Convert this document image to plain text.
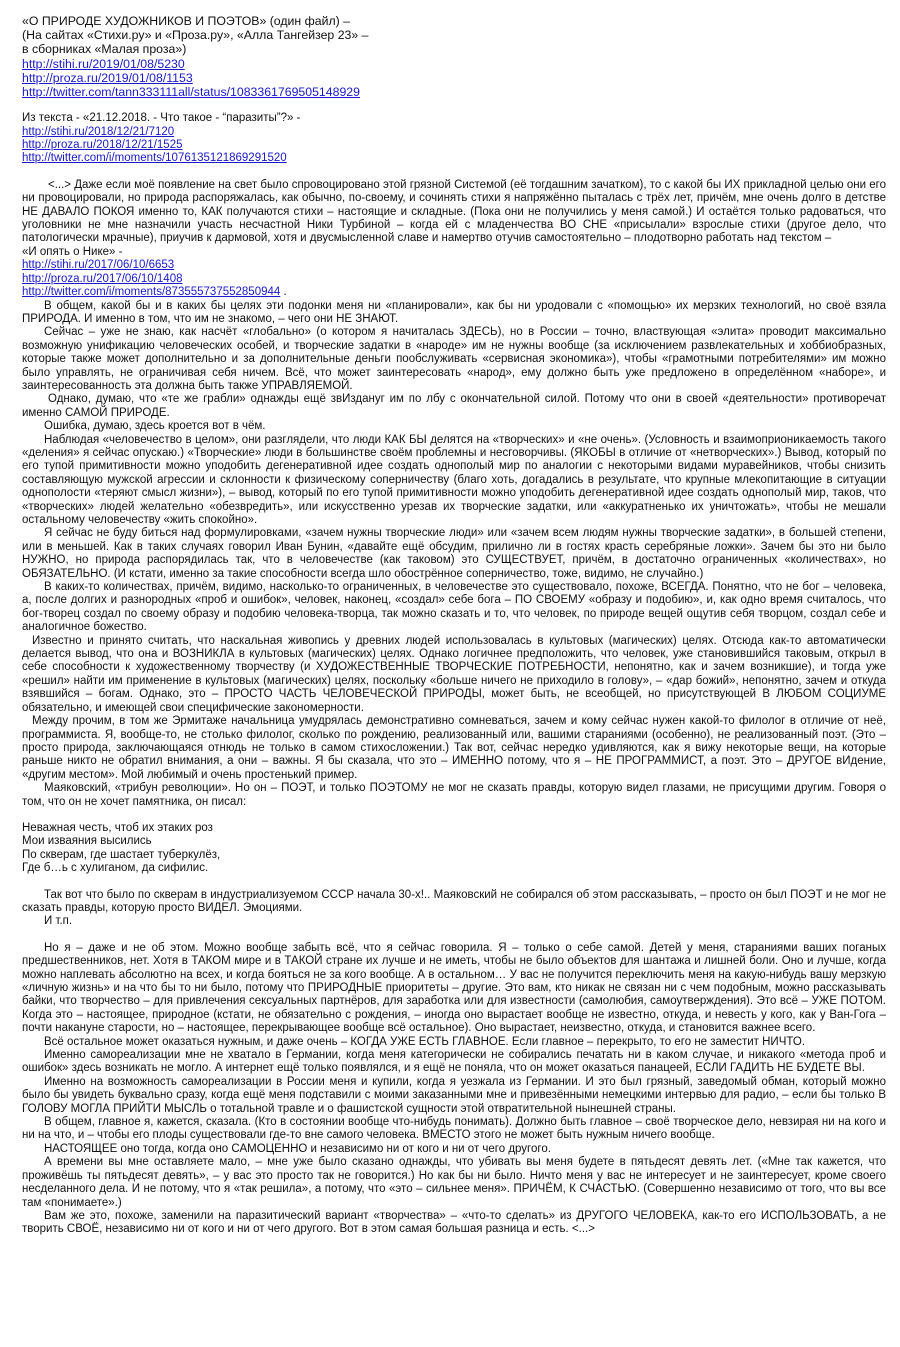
«О ПРИРОДЕ ХУДОЖНИКОВ И ПОЭТОВ» (один файл) –
(На сайтах «Стихи.ру» и «Проза.ру», «Алла Тангейзер 23» –
в сборниках «Малая проза»)
http://stihi.ru/2019/01/08/5230
http://proza.ru/2019/01/08/1153
http://twitter.com/tann333111all/status/1083361769505148929
Из текста - «21.12.2018. - Что такое - “паразиты”?» -
http://stihi.ru/2018/12/21/7120
http://proza.ru/2018/12/21/1525
http://twitter.com/i/moments/1076135121869291520

<...> Даже если моё появление на свет было спровоцировано этой грязной Системой (её тогдашним зачатком), то с какой бы ИХ прикладной целью они его ни провоцировали, но природа распоряжалась, как обычно, по-своему, и сочинять стихи я напряжённо пыталась с трёх лет, причём, мне очень долго в детстве НЕ ДАВАЛО ПОКОЯ именно то, КАК получаются стихи – настоящие и складные. (Пока они не получились у меня самой.) И остаётся только радоваться, что уголовники не мне назначили участь несчастной Ники Турбиной – когда ей с младенчества ВО СНЕ «присылали» взрослые стихи (другое дело, что патологически мрачные), приучив к дармовой, хотя и двусмысленной славе и намертво отучив самостоятельно – плодотворно работать над текстом –

«И опять о Нике» -
http://stihi.ru/2017/06/10/6653
http://proza.ru/2017/06/10/1408
http://twitter.com/i/moments/873555737552850944 .

В общем, какой бы и в каких бы целях эти подонки меня ни «планировали», как бы ни уродовали с «помощью» их мерзких технологий, но своё взяла ПРИРОДА. И именно в том, что им не знакомо, – чего они НЕ ЗНАЮТ.

Сейчас – уже не знаю, как насчёт «глобально» (о котором я начиталась ЗДЕСЬ), но в России – точно, властвующая «элита» проводит максимально возможную унификацию человеческих особей, и творческие задатки в «народе» им не нужны вообще (за исключением развлекательных и хоббиобразных, которые также может дополнительно и за дополнительные деньги пообслуживать «сервисная экономика»), чтобы «грамотными потребителями» им можно было управлять, не ограничивая себя ничем. Всё, что может заинтересовать «народ», ему должно быть уже предложено в определённом «наборе», и заинтересованность эта должна быть также УПРАВЛЯЕМОЙ.

Однако, думаю, что «те же грабли» однажды ещё звИздануг им по лбу с окончательной силой. Потому что они в своей «деятельности» противоречат именно САМОЙ ПРИРОДЕ.

Ошибка, думаю, здесь кроется вот в чём.

Наблюдая «человечество в целом», они разглядели, что люди КАК БЫ делятся на «творческих» и «не очень». (Условность и взаимоприоникаемость такого «деления» я сейчас опускаю.) «Творческие» люди в большинстве своём проблемны и несговорчивы. (ЯКОБЫ в отличие от «нетворческих».) Вывод, который по его тупой примитивности можно уподобить дегенеративной идее создать однополый мир по аналогии с некоторыми видами муравейников, чтобы снизить составляющую мужской агрессии и склонности к физическому соперничеству (благо хоть, догадались в результате, что крупные млекопитающие в ситуации однополости «теряют смысл жизни»), – вывод, который по его тупой примитивности можно уподобить дегенеративной идее создать однополый мир, таков, что «творческих» людей желательно «обезвредить», или искусственно урезав их творческие задатки, или «аккуратненько их уничтожать», чтобы не мешали остальному человечеству «жить спокойно».

Я сейчас не буду биться над формулировками, «зачем нужны творческие люди» или «зачем всем людям нужны творческие задатки», в большей степени, или в меньшей. Как в таких случаях говорил Иван Бунин, «давайте ещё обсудим, прилично ли в гостях красть серебряные ложки». Зачем бы это ни было НУЖНО, но природа распорядилась так, что в человечестве (как таковом) это СУЩЕСТВУЕТ, причём, в достаточно ограниченных «количествах», но ОБЯЗАТЕЛЬНО. (И кстати, именно за такие способности всегда шло обострённое соперничество, тоже, видимо, не случайно.)

В каких-то количествах, причём, видимо, насколько-то ограниченных, в человечестве это существовало, похоже, ВСЕГДА. Понятно, что не бог – человека, а, после долгих и разнородных «проб и ошибок», человек, наконец, «создал» себе бога – ПО СВОЕМУ «образу и подобию», и, как одно время считалось, что бог-творец создал по своему образу и подобию человека-творца, так можно сказать и то, что человек, по природе вещей ощутив себя творцом, создал себе и аналогичное божество.

Известно и принято считать, что наскальная живопись у древних людей использовалась в культовых (магических) целях. Отсюда как-то автоматически делается вывод, что она и ВОЗНИКЛА в культовых (магических) целях. Однако логичнее предположить, что человек, уже становившийся таковым, открыл в себе способности к художественному творчеству (и ХУДОЖЕСТВЕННЫЕ ТВОРЧЕСКИЕ ПОТРЕБНОСТИ, непонятно, как и зачем возникшие), и тогда уже «решил» найти им применение в культовых (магических) целях, поскольку «больше ничего не приходило в голову», – «дар божий», непонятно, зачем и откуда взявшийся – богам. Однако, это – ПРОСТО ЧАСТЬ ЧЕЛОВЕЧЕСКОЙ ПРИРОДЫ, может быть, не всеобщей, но присутствующей В ЛЮБОМ СОЦИУМЕ обязательно, и имеющей свои специфические закономерности.

Между прочим, в том же Эрмитаже начальница умудрялась демонстративно сомневаться, зачем и кому сейчас нужен какой-то филолог в отличие от неё, программиста. Я, вообще-то, не столько филолог, сколько по рождению, реализованный или, вашими стараниями (особенно), не реализованный поэт. (Это – просто природа, заключающаяся отнюдь не только в самом стихосложении.) Так вот, сейчас нередко удивляются, как я вижу некоторые вещи, на которые раньше никто не обратил внимания, а они – важны. Я бы сказала, что это – ИМЕННО потому, что я – НЕ ПРОГРАММИСТ, а поэт. Это – ДРУГОЕ вИдение, «другим местом». Мой любимый и очень простенький пример.

Маяковский, «трибун революции». Но он – ПОЭТ, и только ПОЭТОМУ не мог не сказать правды, которую видел глазами, не присущими другим. Говоря о том, что он не хочет памятника, он писал:

Неважная честь, чтоб их этаких роз
Мои изваяния высились
По скверам, где шастает туберкулёз,
Где б…ь с хулиганом, да сифилис.

Так вот что было по скверам в индустриализуемом СССР начала 30-х!.. Маяковский не собирался об этом рассказывать, – просто он был ПОЭТ и не мог не сказать правды, которую просто ВИДЕЛ. Эмоциями.

И т.п.

Но я – даже и не об этом. Можно вообще забыть всё, что я сейчас говорила. Я – только о себе самой. Детей у меня, стараниями ваших поганых предшественников, нет. Хотя в ТАКОМ мире и в ТАКОЙ стране их лучше и не иметь, чтобы не было объектов для шантажа и лишней боли. Оно и лучше, когда можно наплевать абсолютно на всех, и когда бояться не за кого вообще. А в остальном… У вас не получится переключить меня на какую-нибудь вашу мерзкую «личную жизнь» и на что бы то ни было, потому что ПРИРОДНЫЕ приоритеты – другие. Это вам, кто никак не связан ни с чем подобным, можно рассказывать байки, что творчество – для привлечения сексуальных партнёров, для заработка или для известности (самолюбия, самоутверждения). Это всё – УЖЕ ПОТОМ. Когда это – настоящее, природное (кстати, не обязательно с рождения, – иногда оно вырастает вообще не известно, откуда, и невесть у кого, как у Ван-Гога – почти накануне старости, но – настоящее, перекрывающее вообще всё остальное). Оно вырастает, неизвестно, откуда, и становится важнее всего.

Всё остальное может оказаться нужным, и даже очень – КОГДА УЖЕ ЕСТЬ ГЛАВНОЕ. Если главное – перекрыто, то его не заместит НИЧТО.

Именно самореализации мне не хватало в Германии, когда меня категорически не собирались печатать ни в каком случае, и никакого «метода проб и ошибок» здесь возникать не могло. А интернет ещё только появлялся, и я ещё не поняла, что он может оказаться панацеей, ЕСЛИ ГАДИТЬ НЕ БУДЕТЕ ВЫ.

Именно на возможность самореализации в России меня и купили, когда я уезжала из Германии. И это был грязный, заведомый обман, который можно было бы увидеть буквально сразу, когда ещё меня подставили с моими заказанными мне и привезёнными немецкими интервью для радио, – если бы только В ГОЛОВУ МОГЛА ПРИЙТИ МЫСЛЬ о тотальной травле и о фашистской сущности этой отвратительной нынешней страны.

В общем, главное я, кажется, сказала. (Кто в состоянии вообще что-нибудь понимать). Должно быть главное – своё творческое дело, невзирая ни на кого и ни на что, и – чтобы его плоды существовали где-то вне самого человека. ВМЕСТО этого не может быть нужным ничего вообще.

НАСТОЯЩЕЕ оно тогда, когда оно САМОЦЕННО и независимо ни от кого и ни от чего другого.

А времени вы мне оставляете мало, – мне уже было сказано однажды, что убивать вы меня будете в пятьдесят девять лет. («Мне так кажется, что проживёшь ты пятьдесят девять», – у вас это просто так не говорится.) Но как бы ни было. Ничто меня у вас не интересует и не заинтересует, кроме своего несделанного дела. И не потому, что я «так решила», а потому, что «это – сильнее меня». ПРИЧЁМ, К СЧАСТЬЮ. (Совершенно независимо от того, что вы все там «понимаете».)

Вам же это, похоже, заменили на паразитический вариант «творчества» – «что-то сделать» из ДРУГОГО ЧЕЛОВЕКА, как-то его ИСПОЛЬЗОВАТЬ, а не творить СВОЁ, независимо ни от кого и ни от чего другого. Вот в этом самая большая разница и есть. <...>
